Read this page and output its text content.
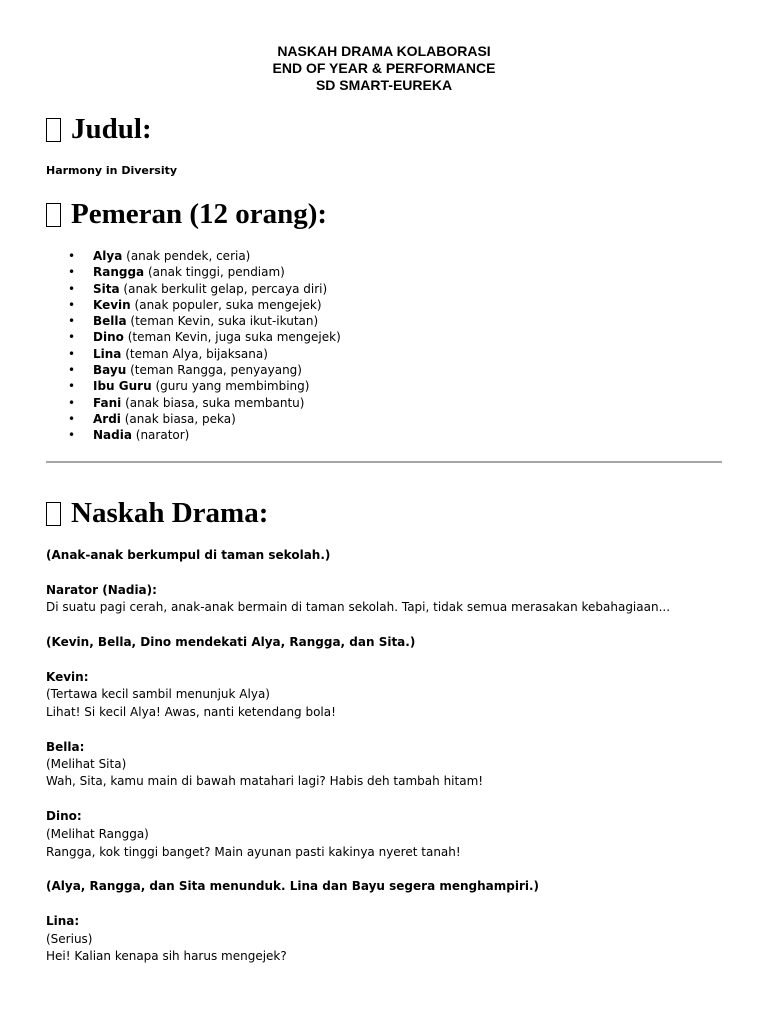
NASKAH DRAMA KOLABORASI
END OF YEAR & PERFORMANCE
SD SMART-EUREKA
Judul:
Harmony in Diversity
Pemeran (12 orang):
• Alya (anak pendek, ceria)
• Rangga (anak tinggi, pendiam)
• Sita (anak berkulit gelap, percaya diri)
• Kevin (anak populer, suka mengejek)
• Bella (teman Kevin, suka ikut-ikutan)
• Dino (teman Kevin, juga suka mengejek)
• Lina (teman Alya, bijaksana)
• Bayu (teman Rangga, penyayang)
• Ibu Guru (guru yang membimbing)
• Fani (anak biasa, suka membantu)
• Ardi (anak biasa, peka)
• Nadia (narator)
Naskah Drama:
(Anak-anak berkumpul di taman sekolah.)
Narator (Nadia):
Di suatu pagi cerah, anak-anak bermain di taman sekolah. Tapi, tidak semua merasakan kebahagiaan...
(Kevin, Bella, Dino mendekati Alya, Rangga, dan Sita.)
Kevin:
(Tertawa kecil sambil menunjuk Alya)
Lihat! Si kecil Alya! Awas, nanti ketendang bola!
Bella:
(Melihat Sita)
Wah, Sita, kamu main di bawah matahari lagi? Habis deh tambah hitam!
Dino:
(Melihat Rangga)
Rangga, kok tinggi banget? Main ayunan pasti kakinya nyeret tanah!
(Alya, Rangga, dan Sita menunduk. Lina dan Bayu segera menghampiri.)
Lina:
(Serius)
Hei! Kalian kenapa sih harus mengejek?
